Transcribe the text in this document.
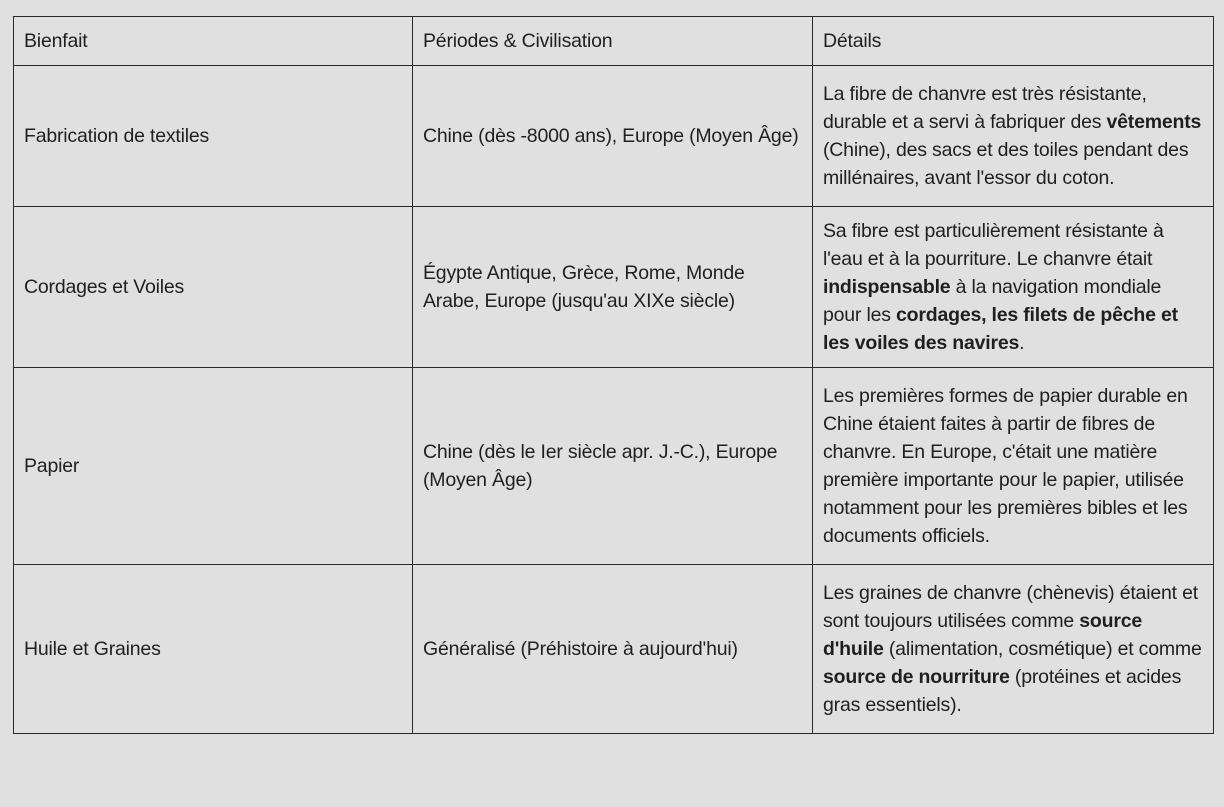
Bienfait	Périodes & Civilisation	Détails
Fabrication de textiles	Chine (dès -8000 ans), Europe (Moyen Âge)	La fibre de chanvre est très résistante, durable et a servi à fabriquer des vêtements (Chine), des sacs et des toiles pendant des millénaires, avant l'essor du coton.
Cordages et Voiles	Égypte Antique, Grèce, Rome, Monde Arabe, Europe (jusqu'au XIXe siècle)	Sa fibre est particulièrement résistante à l'eau et à la pourriture. Le chanvre était indispensable à la navigation mondiale pour les cordages, les filets de pêche et les voiles des navires.
Papier	Chine (dès le Ier siècle apr. J.-C.), Europe (Moyen Âge)	Les premières formes de papier durable en Chine étaient faites à partir de fibres de chanvre. En Europe, c'était une matière première importante pour le papier, utilisée notamment pour les premières bibles et les documents officiels.
Huile et Graines	Généralisé (Préhistoire à aujourd'hui)	Les graines de chanvre (chènevis) étaient et sont toujours utilisées comme source d'huile (alimentation, cosmétique) et comme source de nourriture (protéines et acides gras essentiels).
